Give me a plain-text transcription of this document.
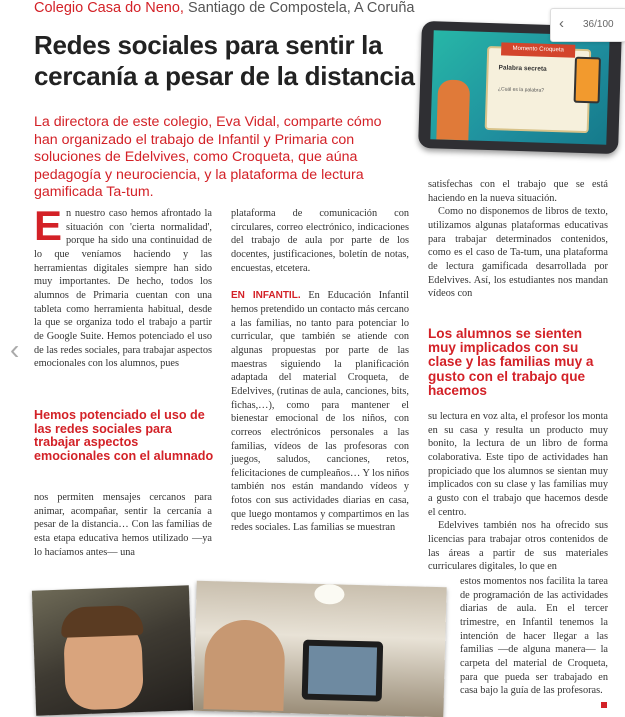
Colegio Casa do Neno, Santiago de Compostela, A Coruña
Redes sociales para sentir la cercanía a pesar de la distancia
La directora de este colegio, Eva Vidal, comparte cómo han organizado el trabajo de Infantil y Primaria con soluciones de Edelvives, como Croqueta, que aúna pedagogía y neurociencia, y la plataforma de lectura gamificada Ta-tum.
Momento Croqueta
Palabra secreta
¿Cuál es la palabra?
‹ 36/100
‹

E n nuestro caso hemos afrontado la situación con 'cierta normalidad', porque ha sido una continuidad de lo que veníamos haciendo y las herramientas digitales siempre han sido muy importantes. De hecho, todos los alumnos de Primaria cuentan con una tableta como herramienta habitual, desde la que se organiza todo el trabajo a partir de Google Suite. Hemos potenciado el uso de las redes sociales, para trabajar aspectos emocionales con los alumnos, pues

Hemos potenciado el uso de las redes sociales para trabajar aspectos emocionales con el alumnado

nos permiten mensajes cercanos para animar, acompañar, sentir la cercanía a pesar de la distancia… Con las familias de esta etapa educativa hemos utilizado —ya lo hacíamos antes— una

plataforma de comunicación con circulares, correo electrónico, indicaciones del trabajo de aula por parte de los docentes, justificaciones, boletín de notas, encuestas, etcetera.

EN INFANTIL. En Educación Infantil hemos pretendido un contacto más cercano a las familias, no tanto para potenciar lo curricular, que también se atiende con algunas propuestas por parte de las maestras siguiendo la planificación adaptada del material Croqueta, de Edelvives, (rutinas de aula, canciones, bits, fichas,…), como para mantener el bienestar emocional de los niños, con correos electrónicos personales a las familias, vídeos de las profesoras con juegos, saludos, canciones, retos, felicitaciones de cumpleaños… Y los niños también nos están mandando vídeos y fotos con sus actividades diarias en casa, que luego montamos y compartimos en las redes sociales. Las familias se muestran

satisfechas con el trabajo que se está haciendo en la nueva situación.

Como no disponemos de libros de texto, utilizamos algunas plataformas educativas para trabajar determinados contenidos, como es el caso de Ta-tum, una plataforma de lectura gamificada desarrollada por Edelvives. Así, los estudiantes nos mandan vídeos con

Los alumnos se sienten muy implicados con su clase y las familias muy a gusto con el trabajo que hacemos

su lectura en voz alta, el profesor los monta en su casa y resulta un producto muy bonito, la lectura de un libro de forma colaborativa. Este tipo de actividades han propiciado que los alumnos se sientan muy implicados con su clase y las familias muy a gusto con el trabajo que hacemos desde el centro.

Edelvives también nos ha ofrecido sus licencias para trabajar otros contenidos de las áreas a partir de sus materiales curriculares digitales, lo que en

estos momentos nos facilita la tarea de programación de las actividades diarias de aula. En el tercer trimestre, en Infantil tenemos la intención de hacer llegar a las familias —de alguna manera— la carpeta del material de Croqueta, para que pueda ser trabajado en casa bajo la guía de las profesoras.
